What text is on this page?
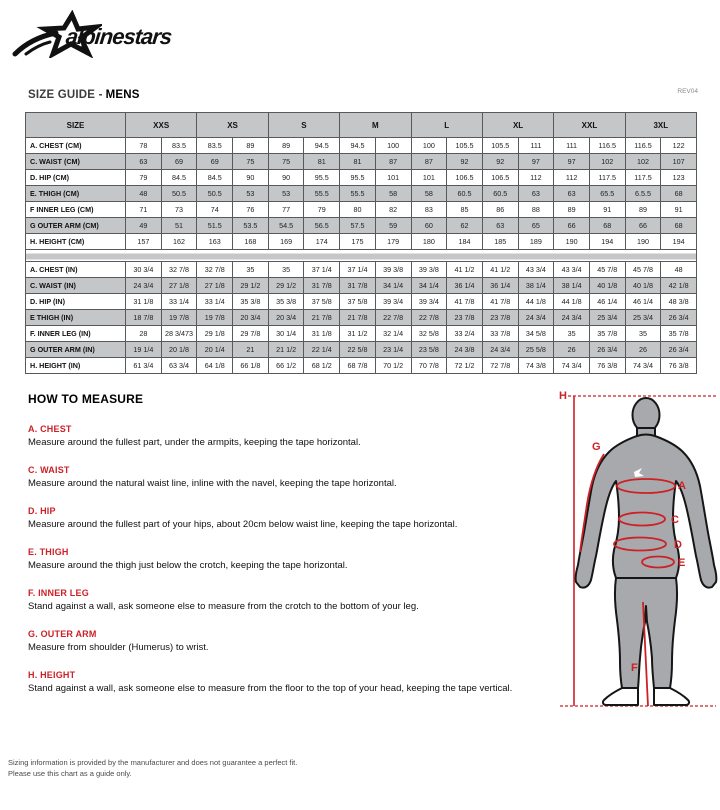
alpinestars
SIZE GUIDE - MENS	REV04
SIZE	XXS		XS		S		M		L		XL		XXL		3XL	
A. CHEST (CM)	78	83.5	83.5	89	89	94.5	94.5	100	100	105.5	105.5	111	111	116.5	116.5	122
C. WAIST (CM)	63	69	69	75	75	81	81	87	87	92	92	97	97	102	102	107
D. HIP (CM)	79	84.5	84.5	90	90	95.5	95.5	101	101	106.5	106.5	112	112	117.5	117.5	123
E. THIGH (CM)	48	50.5	50.5	53	53	55.5	55.5	58	58	60.5	60.5	63	63	65.5	6.5.5	68
F INNER LEG (CM)	71	73	74	76	77	79	80	82	83	85	86	88	89	91	89	91
G OUTER ARM (CM)	49	51	51.5	53.5	54.5	56.5	57.5	59	60	62	63	65	66	68	66	68
H. HEIGHT (CM)	157	162	163	168	169	174	175	179	180	184	185	189	190	194	190	194

A. CHEST (IN)	30 3/4	32 7/8	32 7/8	35	35	37 1/4	37 1/4	39 3/8	39 3/8	41 1/2	41 1/2	43 3/4	43 3/4	45 7/8	45 7/8	48
C. WAIST (IN)	24 3/4	27 1/8	27 1/8	29 1/2	29 1/2	31 7/8	31 7/8	34 1/4	34 1/4	36 1/4	36 1/4	38 1/4	38 1/4	40 1/8	40 1/8	42 1/8
D. HIP (IN)	31 1/8	33 1/4	33 1/4	35 3/8	35 3/8	37 5/8	37 5/8	39 3/4	39 3/4	41 7/8	41 7/8	44 1/8	44 1/8	46 1/4	46 1/4	48 3/8
E THIGH (IN)	18 7/8	19 7/8	19 7/8	20 3/4	20 3/4	21 7/8	21 7/8	22 7/8	22 7/8	23 7/8	23 7/8	24 3/4	24 3/4	25 3/4	25 3/4	26 3/4
F. INNER LEG (IN)	28	28 3/473	29 1/8	29 7/8	30 1/4	31 1/8	31 1/2	32 1/4	32 5/8	33 2/4	33 7/8	34 5/8	35	35 7/8	35	35 7/8
G OUTER ARM (IN)	19 1/4	20 1/8	20 1/4	21	21 1/2	22 1/4	22 5/8	23 1/4	23 5/8	24 3/8	24 3/4	25 5/8	26	26 3/4	26	26 3/4
H. HEIGHT (IN)	61 3/4	63 3/4	64 1/8	66 1/8	66 1/2	68 1/2	68 7/8	70 1/2	70 7/8	72 1/2	72 7/8	74 3/8	74 3/4	76 3/8	74 3/4	76 3/8
HOW TO MEASURE
A. CHEST
Measure around the fullest part, under the armpits, keeping the tape horizontal.
C. WAIST
Measure around the natural waist line, inline with the navel, keeping the tape horizontal.
D. HIP
Measure around the fullest part of your hips, about 20cm below waist line, keeping the tape horizontal.
E. THIGH
Measure around the thigh just below the crotch, keeping the tape horizontal.
F. INNER LEG
Stand against a wall, ask someone else to measure from the crotch to the bottom of your leg.
G. OUTER ARM
Measure from shoulder (Humerus) to wrist.
H. HEIGHT
Stand against a wall, ask someone else to measure from the floor to the top of your head, keeping the tape vertical.
H
G
A
C
D
E
F
Sizing information is provided by the manufacturer and does not guarantee a perfect fit.
Please use this chart as a guide only.
